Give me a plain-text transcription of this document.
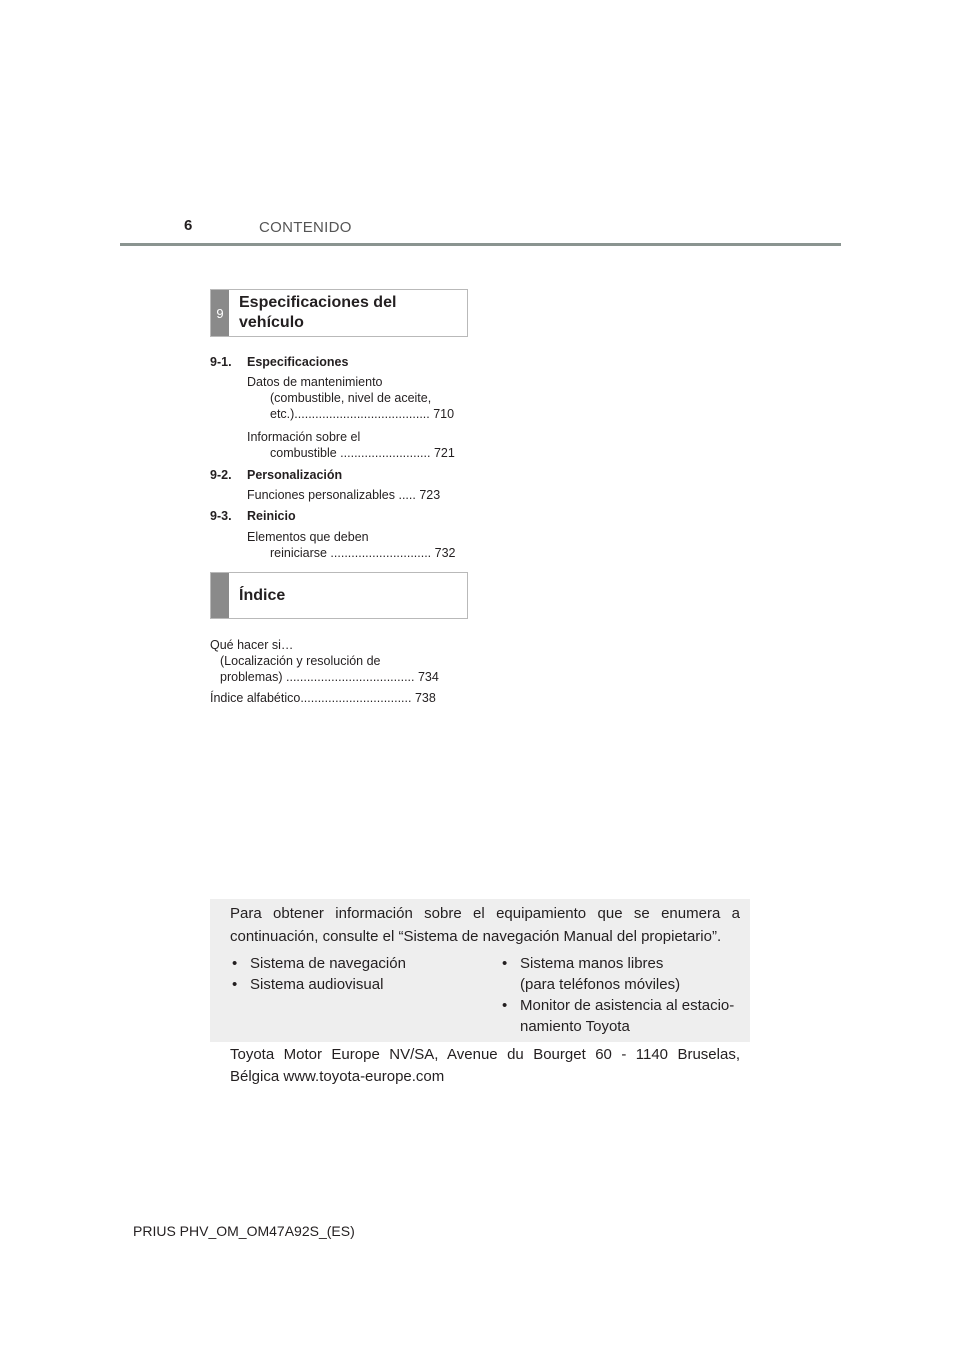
6	CONTENIDO
9
Especificaciones del vehículo
9-1. Especificaciones
Datos de mantenimiento
(combustible, nivel de aceite,
etc.)....................................... 710
Información sobre el
combustible .......................... 721
9-2. Personalización
Funciones personalizables ..... 723
9-3. Reinicio
Elementos que deben
reiniciarse ............................. 732
Índice
Qué hacer si…
(Localización y resolución de
problemas) ..................................... 734
Índice alfabético................................ 738
Para obtener información sobre el equipamiento que se enumera a
continuación, consulte el “Sistema de navegación Manual del propietario”.
• Sistema de navegación
• Sistema audiovisual
• Sistema manos libres
(para teléfonos móviles)
• Monitor de asistencia al estacio-
namiento Toyota
Toyota Motor Europe NV/SA, Avenue du Bourget 60 - 1140 Bruselas,
Bélgica www.toyota-europe.com
PRIUS PHV_OM_OM47A92S_(ES)
